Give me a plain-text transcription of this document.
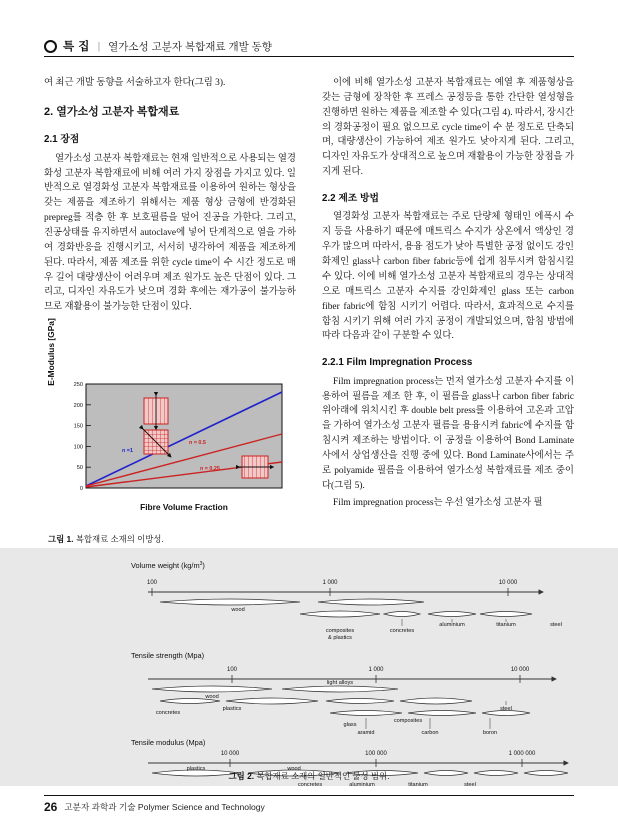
특 집 | 열가소성 고분자 복합재료 개발 동향

여 최근 개발 동향을 서술하고자 한다(그림 3).

2. 열가소성 고분자 복합재료
2.1 장점

열가소성 고분자 복합재료는 현재 일반적으로 사용되는 열경화성 고분자 복합재료에 비해 여러 가지 장점을 가지고 있다. 일반적으로 열경화성 고분자 복합재료를 이용하여 원하는 형상을 갖는 제품을 제조하기 위해서는 제품 형상 금형에 반경화된 prepreg를 적층 한 후 보호필름을 덮어 진공을 가한다. 그리고, 진공상태를 유지하면서 autoclave에 넣어 단계적으로 열을 가하여 경화반응을 진행시키고, 서서히 냉각하여 제품을 제조하게 된다. 따라서, 제품 제조를 위한 cycle time이 수 시간 정도로 매우 길어 대량생산이 어려우며 제조 원가도 높은 단점이 있다. 그리고, 디자인 자유도가 낮으며 경화 후에는 재가공이 불가능하므로 재활용이 불가능한 단점이 있다.

이에 비해 열가소성 고분자 복합재료는 예열 후 제품형상을 갖는 금형에 장착한 후 프레스 공정등을 통한 간단한 열성형을 진행하면 원하는 제품을 제조할 수 있다(그림 4). 따라서, 장시간의 경화공정이 필요 없으므로 cycle time이 수 분 정도로 단축되며, 대량생산이 가능하여 제조 원가도 낮아지게 된다. 그리고, 디자인 자유도가 상대적으로 높으며 재활용이 가능한 장점을 가지게 된다.

2.2 제조 방법

열경화성 고분자 복합재료는 주로 단량체 형태인 에폭시 수지 등을 사용하기 때문에 매트릭스 수지가 상온에서 액상인 경우가 많으며 따라서, 용융 점도가 낮아 특별한 공정 없이도 강인화제인 glass나 carbon fiber fabric등에 쉽게 침투시켜 함침시킬 수 있다. 이에 비해 열가소성 고분자 복합재료의 경우는 상대적으로 매트릭스 고분자 수지를 강인화제인 glass 또는 carbon fiber fabric에 함침 시키기 어렵다. 따라서, 효과적으로 수지를 함침 시키기 위해 여러 가지 공정이 개발되었으며, 함침 방법에 따라 다음과 같이 구분할 수 있다.

2.2.1 Film Impregnation Process

Film impregnation process는 먼저 열가소성 고분자 수지를 이용하여 필름을 제조 한 후, 이 필름을 glass나 carbon fiber fabric 위아래에 위치시킨 후 double belt press를 이용하여 고온과 고압을 가하여 열가소성 고분자 필름을 용융시켜 fabric에 수지를 함침시켜 제조하는 방법이다. 이 공정을 이용하여 Bond Laminate사에서 상업생산을 진행 중에 있다. Bond Laminate사에서는 주로 polyamide 필름을 이용하여 열가소성 복합재료를 제조 중이다(그림 5).

Film impregnation process는 우선 열가소성 고분자 필

250
200
150
100
50
0
n =1
n = 0.5
n = 0.25
E-Modulus [GPa]
Fibre Volume Fraction
그림 1. 복합재료 소재의 이방성.
Volume weight $(kg/m^3)$
100	1 000	10 000
wood
composites
& plastics
concretes
aluminium	titanium	steel
Tensile strength (Mpa)
100	1 000	10 000
wood
light alloys
concretes
plastics
glass
composites
aramid	carbon	boron
steel
Tensile modulus (Mpa)
10 000	100 000	1 000 000
plastics	wood
concretes	aluminium	titanium	steel
그림 2. 복합재료 소재의 일반적인 물성 범위.
26 고분자 과학과 기술 Polymer Science and Technology
